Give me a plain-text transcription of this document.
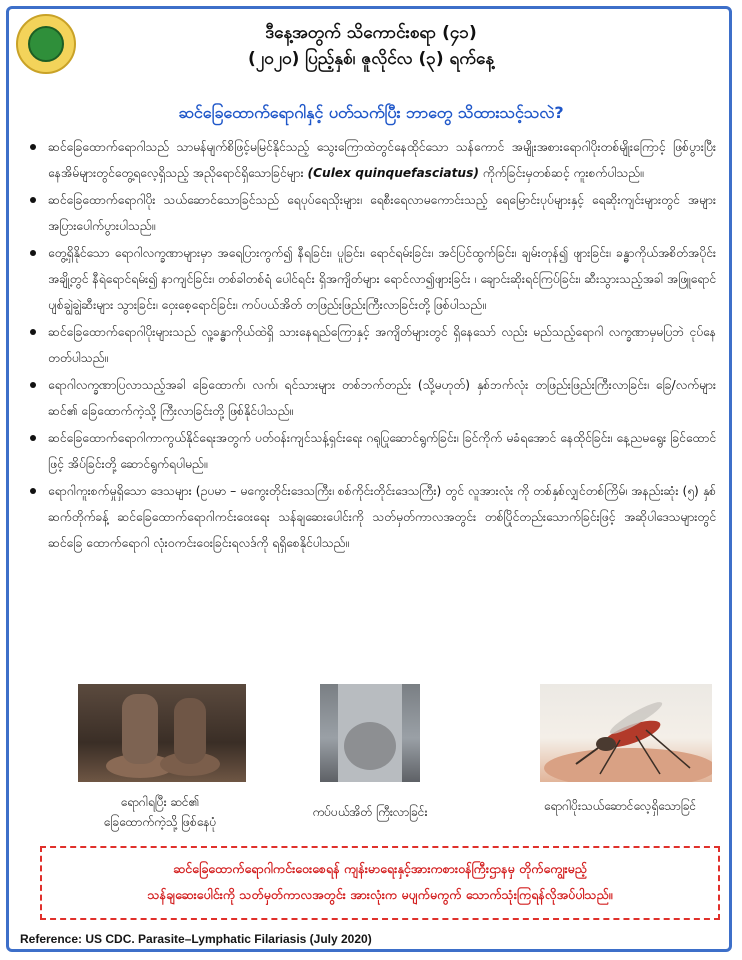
ဒီနေ့အတွက် သိကောင်းစရာ (၄၁)
(၂၀၂၀) ပြည့်နှစ်၊ ဇူလိုင်လ (၃) ရက်နေ့
ဆင်ခြေထောက်ရောဂါနှင့် ပတ်သက်ပြီး ဘာတွေ သိထားသင့်သလဲ?
ဆင်ခြေထောက်ရောဂါသည် သာမန်မျက်စိဖြင့်မမြင်နိုင်သည့် သွေးကြောထဲတွင်နေထိုင်သော သန်ကောင် အမျိုးအစားရောဂါပိုးတစ်မျိုးကြောင့် ဖြစ်ပွားပြီး နေအိမ်များတွင်တွေ့ရလေ့ရှိသည့် အညိုရောင်ရှိသောခြင်များ (Culex quinquefasciatus) ကိုက်ခြင်းမှတစ်ဆင့် ကူးစက်ပါသည်။
ဆင်ခြေထောက်ရောဂါပိုး သယ်ဆောင်သောခြင်သည် ရေပုပ်ရေသိုးများ၊ ရေစီးရေလာမကောင်းသည့် ရေမြောင်းပုပ်များနှင့် ရေဆိုးကျင်းများတွင် အများအပြားပေါက်ပွားပါသည်။
တွေ့ရှိနိုင်သော ရောဂါလက္ခဏာများမှာ အရေပြားကွက်၍ နီရခြင်း၊ ပူခြင်း၊ ရောင်ရမ်းခြင်း၊ အင်ပြင်ထွက်ခြင်း၊ ချမ်းတုန်၍ ဖျားခြင်း၊ ခန္ဓာကိုယ်အစိတ်အပိုင်းအချို့တွင် နီရဲရောင်ရမ်း၍ နာကျင်ခြင်း၊ တစ်ခါတစ်ရံ ပေါင်ရင်း ရှိအကျိတ်များ ရောင်လာ၍ဖျားခြင်း ၊ ချောင်းဆိုးရင်ကြပ်ခြင်း၊ ဆီးသွားသည့်အခါ အဖြူရောင်ပျစ်ချွဲချွဲဆီးများ သွားခြင်း၊ ဝှေးစေ့ရောင်ခြင်း၊ ကပ်ပယ်အိတ် တဖြည်းဖြည်းကြီးလာခြင်းတို့ ဖြစ်ပါသည်။
ဆင်ခြေထောက်ရောဂါပိုးများသည် လူ့ခန္ဓာကိုယ်ထဲရှိ သားနေရည်ကြောနှင့် အကျိတ်များတွင် ရှိနေသော် လည်း မည်သည့်ရောဂါ လက္ခဏာမှမပြဘဲ ငုပ်နေတတ်ပါသည်။
ရောဂါလက္ခဏာပြလာသည့်အခါ ခြေထောက်၊ လက်၊ ရင်သားများ တစ်ဘက်တည်း (သို့မဟုတ်) နှစ်ဘက်လုံး တဖြည်းဖြည်းကြီးလာခြင်း၊ ခြေ/လက်များ ဆင်၏ ခြေထောက်ကဲ့သို့ ကြီးလာခြင်းတို့ ဖြစ်နိုင်ပါသည်။
ဆင်ခြေထောက်ရောဂါကာကွယ်နိုင်ရေးအတွက် ပတ်ဝန်းကျင်သန့်ရှင်းရေး ဂရုပြုဆောင်ရွက်ခြင်း၊ ခြင်ကိုက် မခံရအောင် နေထိုင်ခြင်း၊ နေ့ညမရွေး ခြင်ထောင်ဖြင့် အိပ်ခြင်းတို့ ဆောင်ရွက်ရပါမည်။
ရောဂါကူးစက်မှုရှိသော ဒေသများ (ဥပမာ – မကွေးတိုင်းဒေသကြီး၊ စစ်ကိုင်းတိုင်းဒေသကြီး) တွင် လူအားလုံး ကို တစ်နှစ်လျှင်တစ်ကြိမ်၊ အနည်းဆုံး (၅) နှစ်ဆက်တိုက်ခန့် ဆင်ခြေထောက်ရောဂါကင်းဝေးရေး သန်ချဆေးပေါင်းကို သတ်မှတ်ကာလအတွင်း တစ်ပြိုင်တည်းသောက်ခြင်းဖြင့် အဆိုပါဒေသများတွင် ဆင်ခြေ ထောက်ရောဂါ လုံးဝကင်းဝေးခြင်းရလဒ်ကို ရရှိစေနိုင်ပါသည်။
ရောဂါရပြီး ဆင်၏
ခြေထောက်ကဲ့သို့ ဖြစ်နေပုံ
ကပ်ပယ်အိတ် ကြီးလာခြင်း	ရောဂါပိုးသယ်ဆောင်လေ့ရှိသောခြင်
ဆင်ခြေထောက်ရောဂါကင်းဝေးစေရန် ကျန်းမာရေးနှင့်အားကစားဝန်ကြီးဌာနမှ တိုက်ကျွေးမည့်
သန်ချဆေးပေါင်းကို သတ်မှတ်ကာလအတွင်း အားလုံးက မပျက်မကွက် သောက်သုံးကြရန်လိုအပ်ပါသည်။
Reference: US CDC. Parasite–Lymphatic Filariasis (July 2020)
